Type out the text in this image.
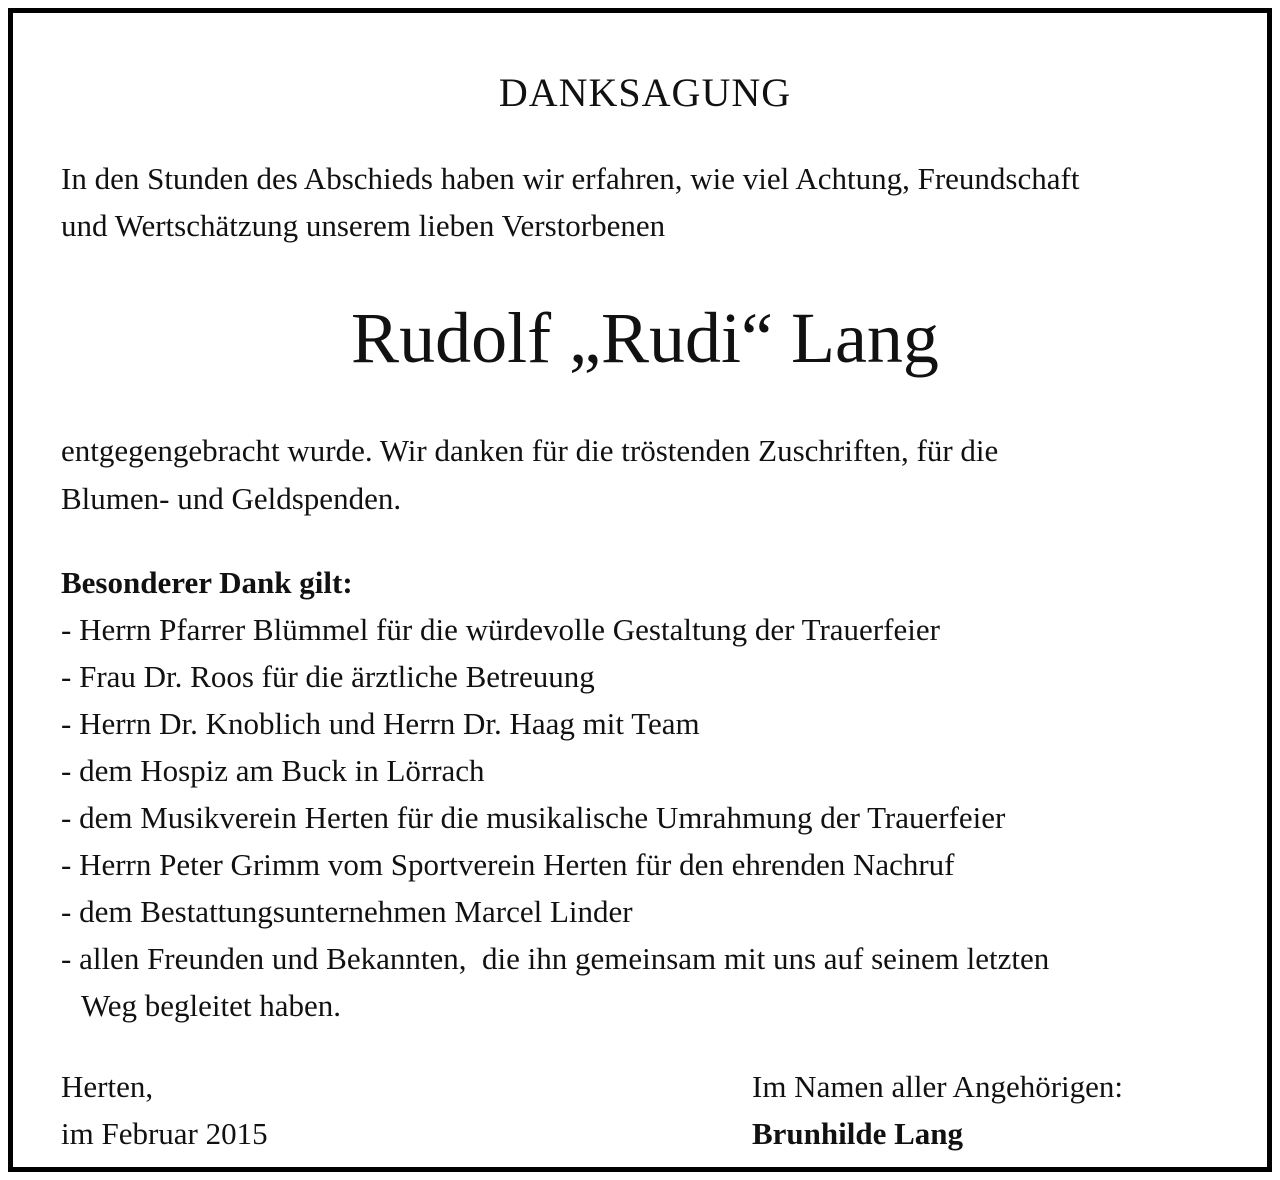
DANKSAGUNG
In den Stunden des Abschieds haben wir erfahren, wie viel Achtung, Freundschaft
und Wertschätzung unserem lieben Verstorbenen
Rudolf „Rudi“ Lang
entgegengebracht wurde. Wir danken für die tröstenden Zuschriften, für die
Blumen- und Geldspenden.
Besonderer Dank gilt:
- Herrn Pfarrer Blümmel für die würdevolle Gestaltung der Trauerfeier
- Frau Dr. Roos für die ärztliche Betreuung
- Herrn Dr. Knoblich und Herrn Dr. Haag mit Team
- dem Hospiz am Buck in Lörrach
- dem Musikverein Herten für die musikalische Umrahmung der Trauerfeier
- Herrn Peter Grimm vom Sportverein Herten für den ehrenden Nachruf
- dem Bestattungsunternehmen Marcel Linder
- allen Freunden und Bekannten,  die ihn gemeinsam mit uns auf seinem letzten
Weg begleitet haben.
Herten,
im Februar 2015
Im Namen aller Angehörigen:
Brunhilde Lang
